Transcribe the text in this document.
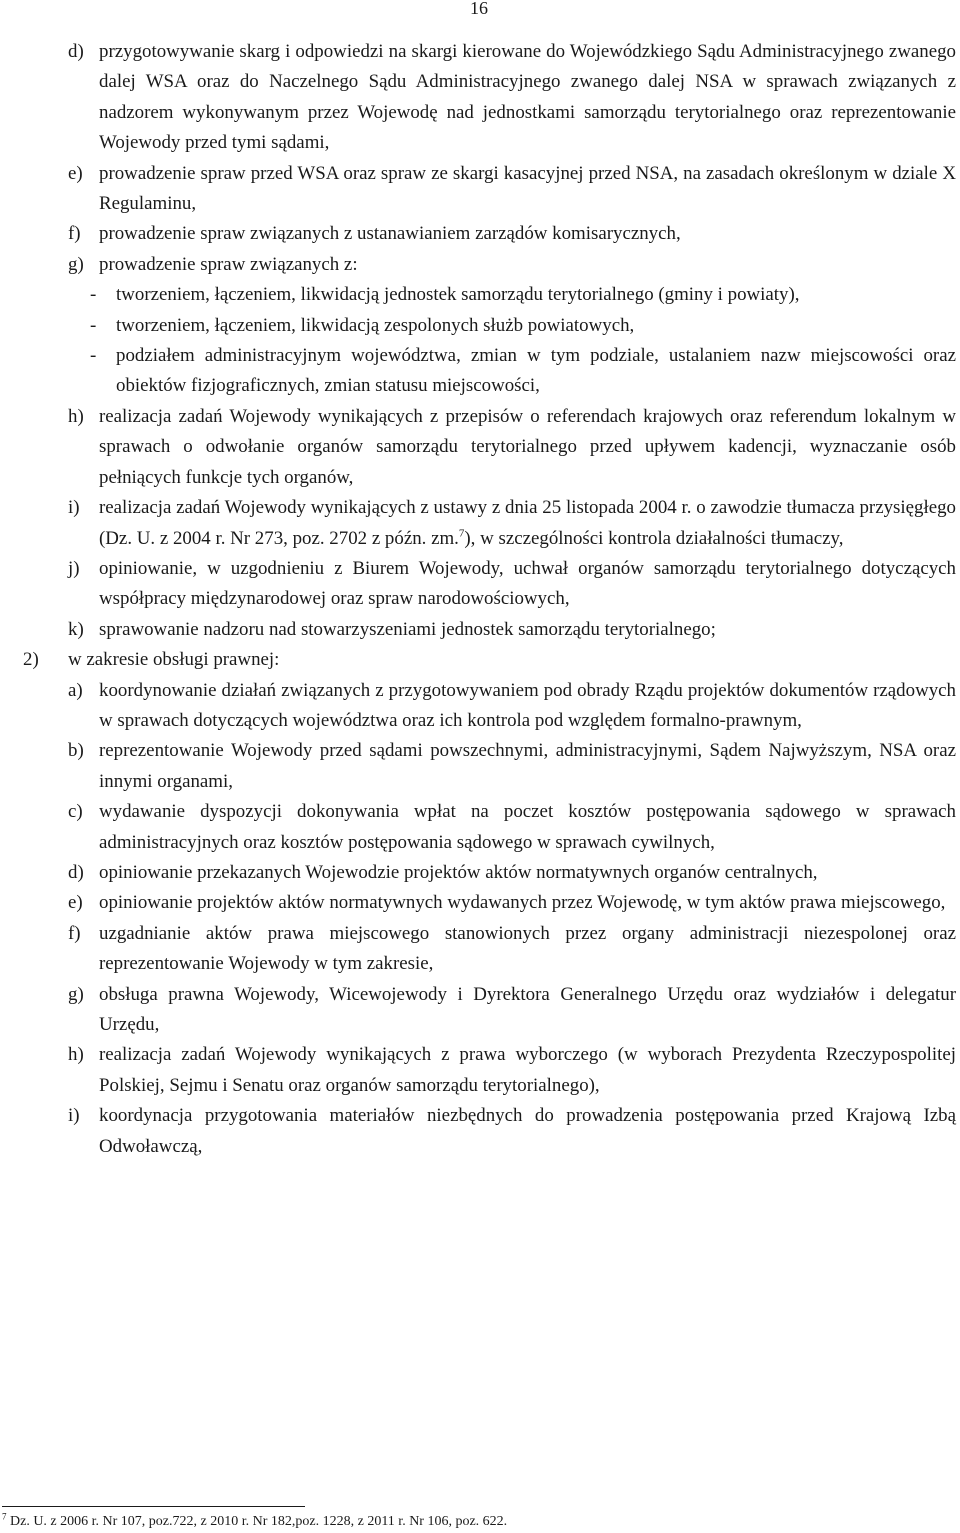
16
d) przygotowywanie skarg i odpowiedzi na skargi kierowane do Wojewódzkiego Sądu Administracyjnego zwanego dalej WSA oraz do Naczelnego Sądu Administracyjnego zwanego dalej NSA w sprawach związanych z nadzorem wykonywanym przez Wojewodę nad jednostkami samorządu terytorialnego oraz reprezentowanie Wojewody przed tymi sądami,
e) prowadzenie spraw przed WSA oraz spraw ze skargi kasacyjnej przed NSA, na zasadach określonym w dziale X Regulaminu,
f) prowadzenie spraw związanych z ustanawianiem zarządów komisarycznych,
g) prowadzenie spraw związanych z:
-	tworzeniem, łączeniem, likwidacją jednostek samorządu terytorialnego (gminy i powiaty),
-	tworzeniem, łączeniem, likwidacją zespolonych służb powiatowych,
-	podziałem administracyjnym województwa, zmian w tym podziale, ustalaniem nazw miejscowości oraz obiektów fizjograficznych, zmian statusu miejscowości,
h) realizacja zadań Wojewody wynikających z przepisów o referendach krajowych oraz referendum lokalnym w sprawach o odwołanie organów samorządu terytorialnego przed upływem kadencji, wyznaczanie osób pełniących funkcje tych organów,
i)	realizacja zadań Wojewody wynikających z ustawy z dnia 25 listopada 2004 r. o zawodzie tłumacza przysięgłego (Dz. U. z 2004 r. Nr 273, poz. 2702 z późn. zm.$^7$), w szczególności kontrola działalności tłumaczy,
j)	opiniowanie, w uzgodnieniu z Biurem Wojewody, uchwał organów samorządu terytorialnego dotyczących współpracy międzynarodowej oraz spraw narodowościowych,
k) sprawowanie nadzoru nad stowarzyszeniami jednostek samorządu terytorialnego;
2)	w zakresie obsługi prawnej:
a) koordynowanie działań związanych z przygotowywaniem pod obrady Rządu projektów dokumentów rządowych w sprawach dotyczących województwa oraz ich kontrola pod względem formalno-prawnym,
b) reprezentowanie Wojewody przed sądami powszechnymi, administracyjnymi, Sądem Najwyższym, NSA oraz innymi organami,
c) wydawanie dyspozycji dokonywania wpłat na poczet kosztów postępowania sądowego w sprawach administracyjnych oraz kosztów postępowania sądowego w sprawach cywilnych,
d) opiniowanie przekazanych Wojewodzie projektów aktów normatywnych organów centralnych,
e) opiniowanie projektów aktów normatywnych wydawanych przez Wojewodę, w tym aktów prawa miejscowego,
f) uzgadnianie aktów prawa miejscowego stanowionych przez organy administracji niezespolonej oraz reprezentowanie Wojewody w tym zakresie,
g) obsługa prawna Wojewody, Wicewojewody i Dyrektora Generalnego Urzędu oraz wydziałów i delegatur Urzędu,
h) realizacja zadań Wojewody wynikających z prawa wyborczego (w wyborach Prezydenta Rzeczypospolitej Polskiej, Sejmu i Senatu oraz organów samorządu terytorialnego),
i)	koordynacja przygotowania materiałów niezbędnych do prowadzenia postępowania przed Krajową Izbą Odwoławczą,
$^7$ Dz. U. z 2006 r. Nr 107, poz.722, z 2010 r. Nr 182,poz. 1228, z 2011 r. Nr 106, poz. 622.
